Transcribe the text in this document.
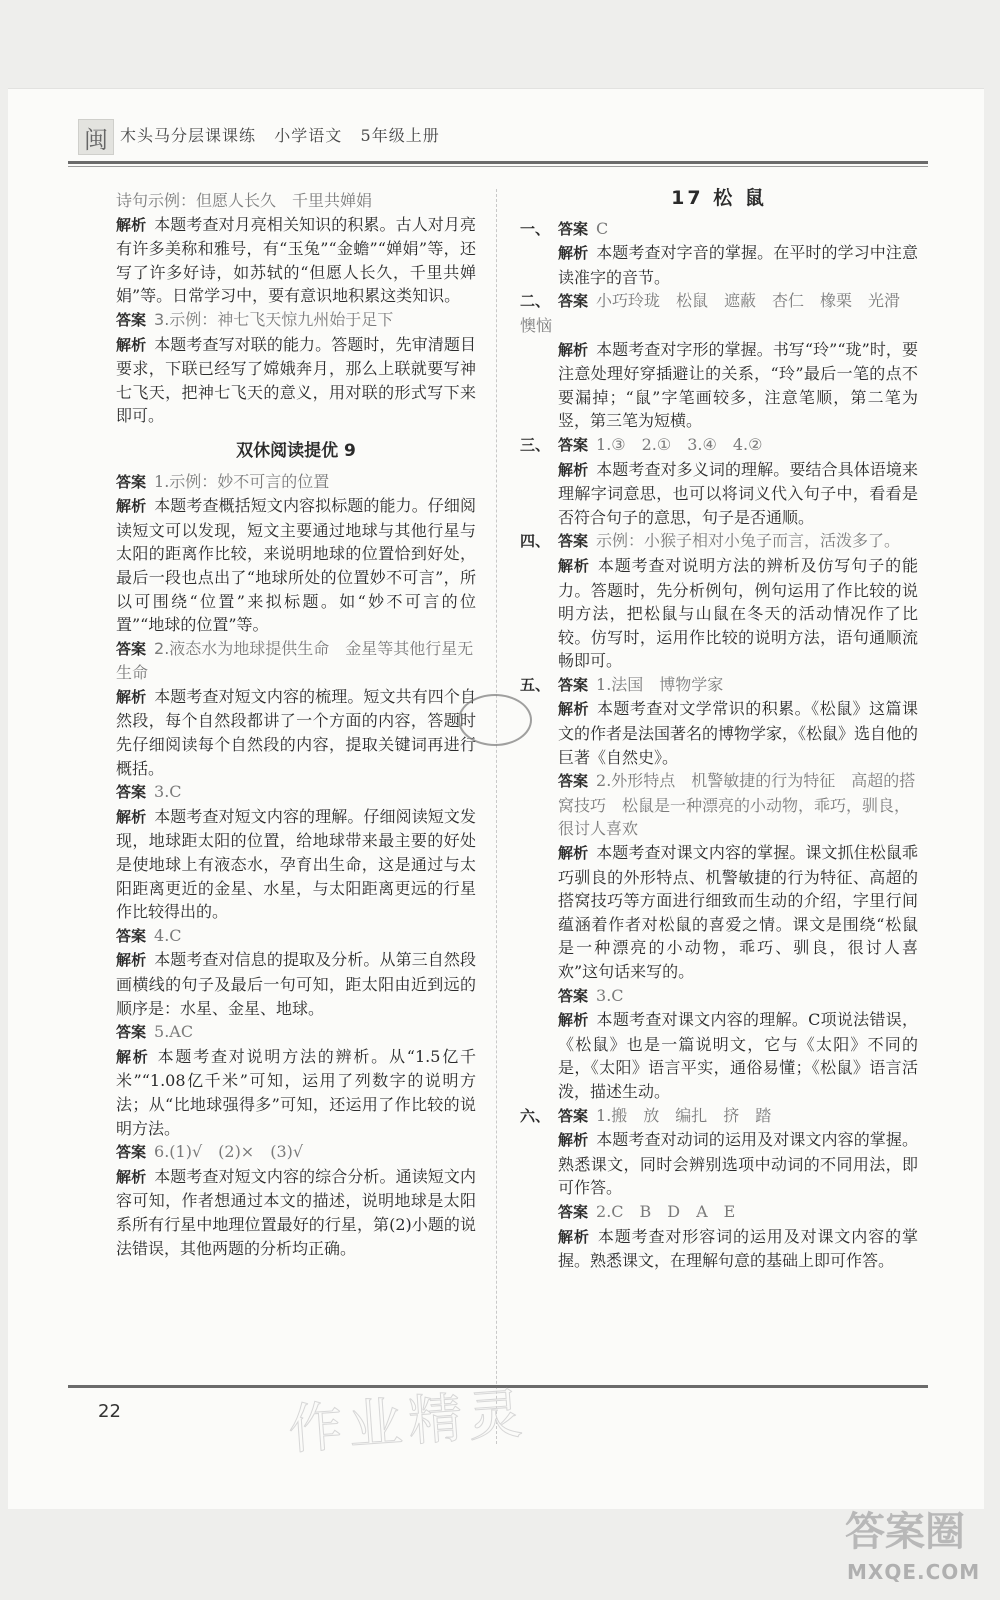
闽 木头马分层课课练   小学语文   5年级上册

诗句示例：但愿人长久　千里共婵娟

解析 本题考查对月亮相关知识的积累。古人对月亮有许多美称和雅号，有“玉兔”“金蟾”“婵娟”等，还写了许多好诗，如苏轼的“但愿人长久，千里共婵娟”等。日常学习中，要有意识地积累这类知识。

答案 3.示例：神七飞天惊九州始于足下

解析 本题考查写对联的能力。答题时，先审清题目要求，下联已经写了嫦娥奔月，那么上联就要写神七飞天，把神七飞天的意义，用对联的形式写下来即可。

双休阅读提优 9

答案 1.示例：妙不可言的位置

解析 本题考查概括短文内容拟标题的能力。仔细阅读短文可以发现，短文主要通过地球与其他行星与太阳的距离作比较，来说明地球的位置恰到好处，最后一段也点出了“地球所处的位置妙不可言”，所以可围绕“位置”来拟标题。如“妙不可言的位置”“地球的位置”等。

答案 2.液态水为地球提供生命　金星等其他行星无生命

解析 本题考查对短文内容的梳理。短文共有四个自然段，每个自然段都讲了一个方面的内容，答题时先仔细阅读每个自然段的内容，提取关键词再进行概括。

答案 3.C

解析 本题考查对短文内容的理解。仔细阅读短文发现，地球距太阳的位置，给地球带来最主要的好处是使地球上有液态水，孕育出生命，这是通过与太阳距离更近的金星、水星，与太阳距离更远的行星作比较得出的。

答案 4.C

解析 本题考查对信息的提取及分析。从第三自然段画横线的句子及最后一句可知，距太阳由近到远的顺序是：水星、金星、地球。

答案 5.AC

解析 本题考查对说明方法的辨析。从“1.5亿千米”“1.08亿千米”可知，运用了列数字的说明方法；从“比地球强得多”可知，还运用了作比较的说明方法。

答案 6.(1)√　(2)×　(3)√

解析 本题考查对短文内容的综合分析。通读短文内容可知，作者想通过本文的描述，说明地球是太阳系所有行星中地理位置最好的行星，第(2)小题的说法错误，其他两题的分析均正确。

17 松 鼠

一、 答案 C

解析 本题考查对字音的掌握。在平时的学习中注意读准字的音节。

二、 答案 小巧玲珑　松鼠　遮蔽　杏仁　橡栗　光滑　懊恼

解析 本题考查对字形的掌握。书写“玲”“珑”时，要注意处理好穿插避让的关系，“玲”最后一笔的点不要漏掉；“鼠”字笔画较多，注意笔顺，第二笔为竖，第三笔为短横。

三、 答案 1.③　2.①　3.④　4.②

解析 本题考查对多义词的理解。要结合具体语境来理解字词意思，也可以将词义代入句子中，看看是否符合句子的意思，句子是否通顺。

四、 答案 示例：小猴子相对小兔子而言，活泼多了。

解析 本题考查对说明方法的辨析及仿写句子的能力。答题时，先分析例句，例句运用了作比较的说明方法，把松鼠与山鼠在冬天的活动情况作了比较。仿写时，运用作比较的说明方法，语句通顺流畅即可。

五、 答案 1.法国　博物学家

解析 本题考查对文学常识的积累。《松鼠》这篇课文的作者是法国著名的博物学家，《松鼠》选自他的巨著《自然史》。

答案 2.外形特点　机警敏捷的行为特征　高超的搭窝技巧　松鼠是一种漂亮的小动物，乖巧，驯良，很讨人喜欢

解析 本题考查对课文内容的掌握。课文抓住松鼠乖巧驯良的外形特点、机警敏捷的行为特征、高超的搭窝技巧等方面进行细致而生动的介绍，字里行间蕴涵着作者对松鼠的喜爱之情。课文是围绕“松鼠是一种漂亮的小动物，乖巧、驯良，很讨人喜欢”这句话来写的。

答案 3.C

解析 本题考查对课文内容的理解。C项说法错误，《松鼠》也是一篇说明文，它与《太阳》不同的是，《太阳》语言平实，通俗易懂；《松鼠》语言活泼，描述生动。

六、 答案 1.搬　放　编扎　挤　踏

解析 本题考查对动词的运用及对课文内容的掌握。熟悉课文，同时会辨别选项中动词的不同用法，即可作答。

答案 2.C　B　D　A　E

解析 本题考查对形容词的运用及对课文内容的掌握。熟悉课文，在理解句意的基础上即可作答。

22	作业精灵
答案圈
MXQE.COM
